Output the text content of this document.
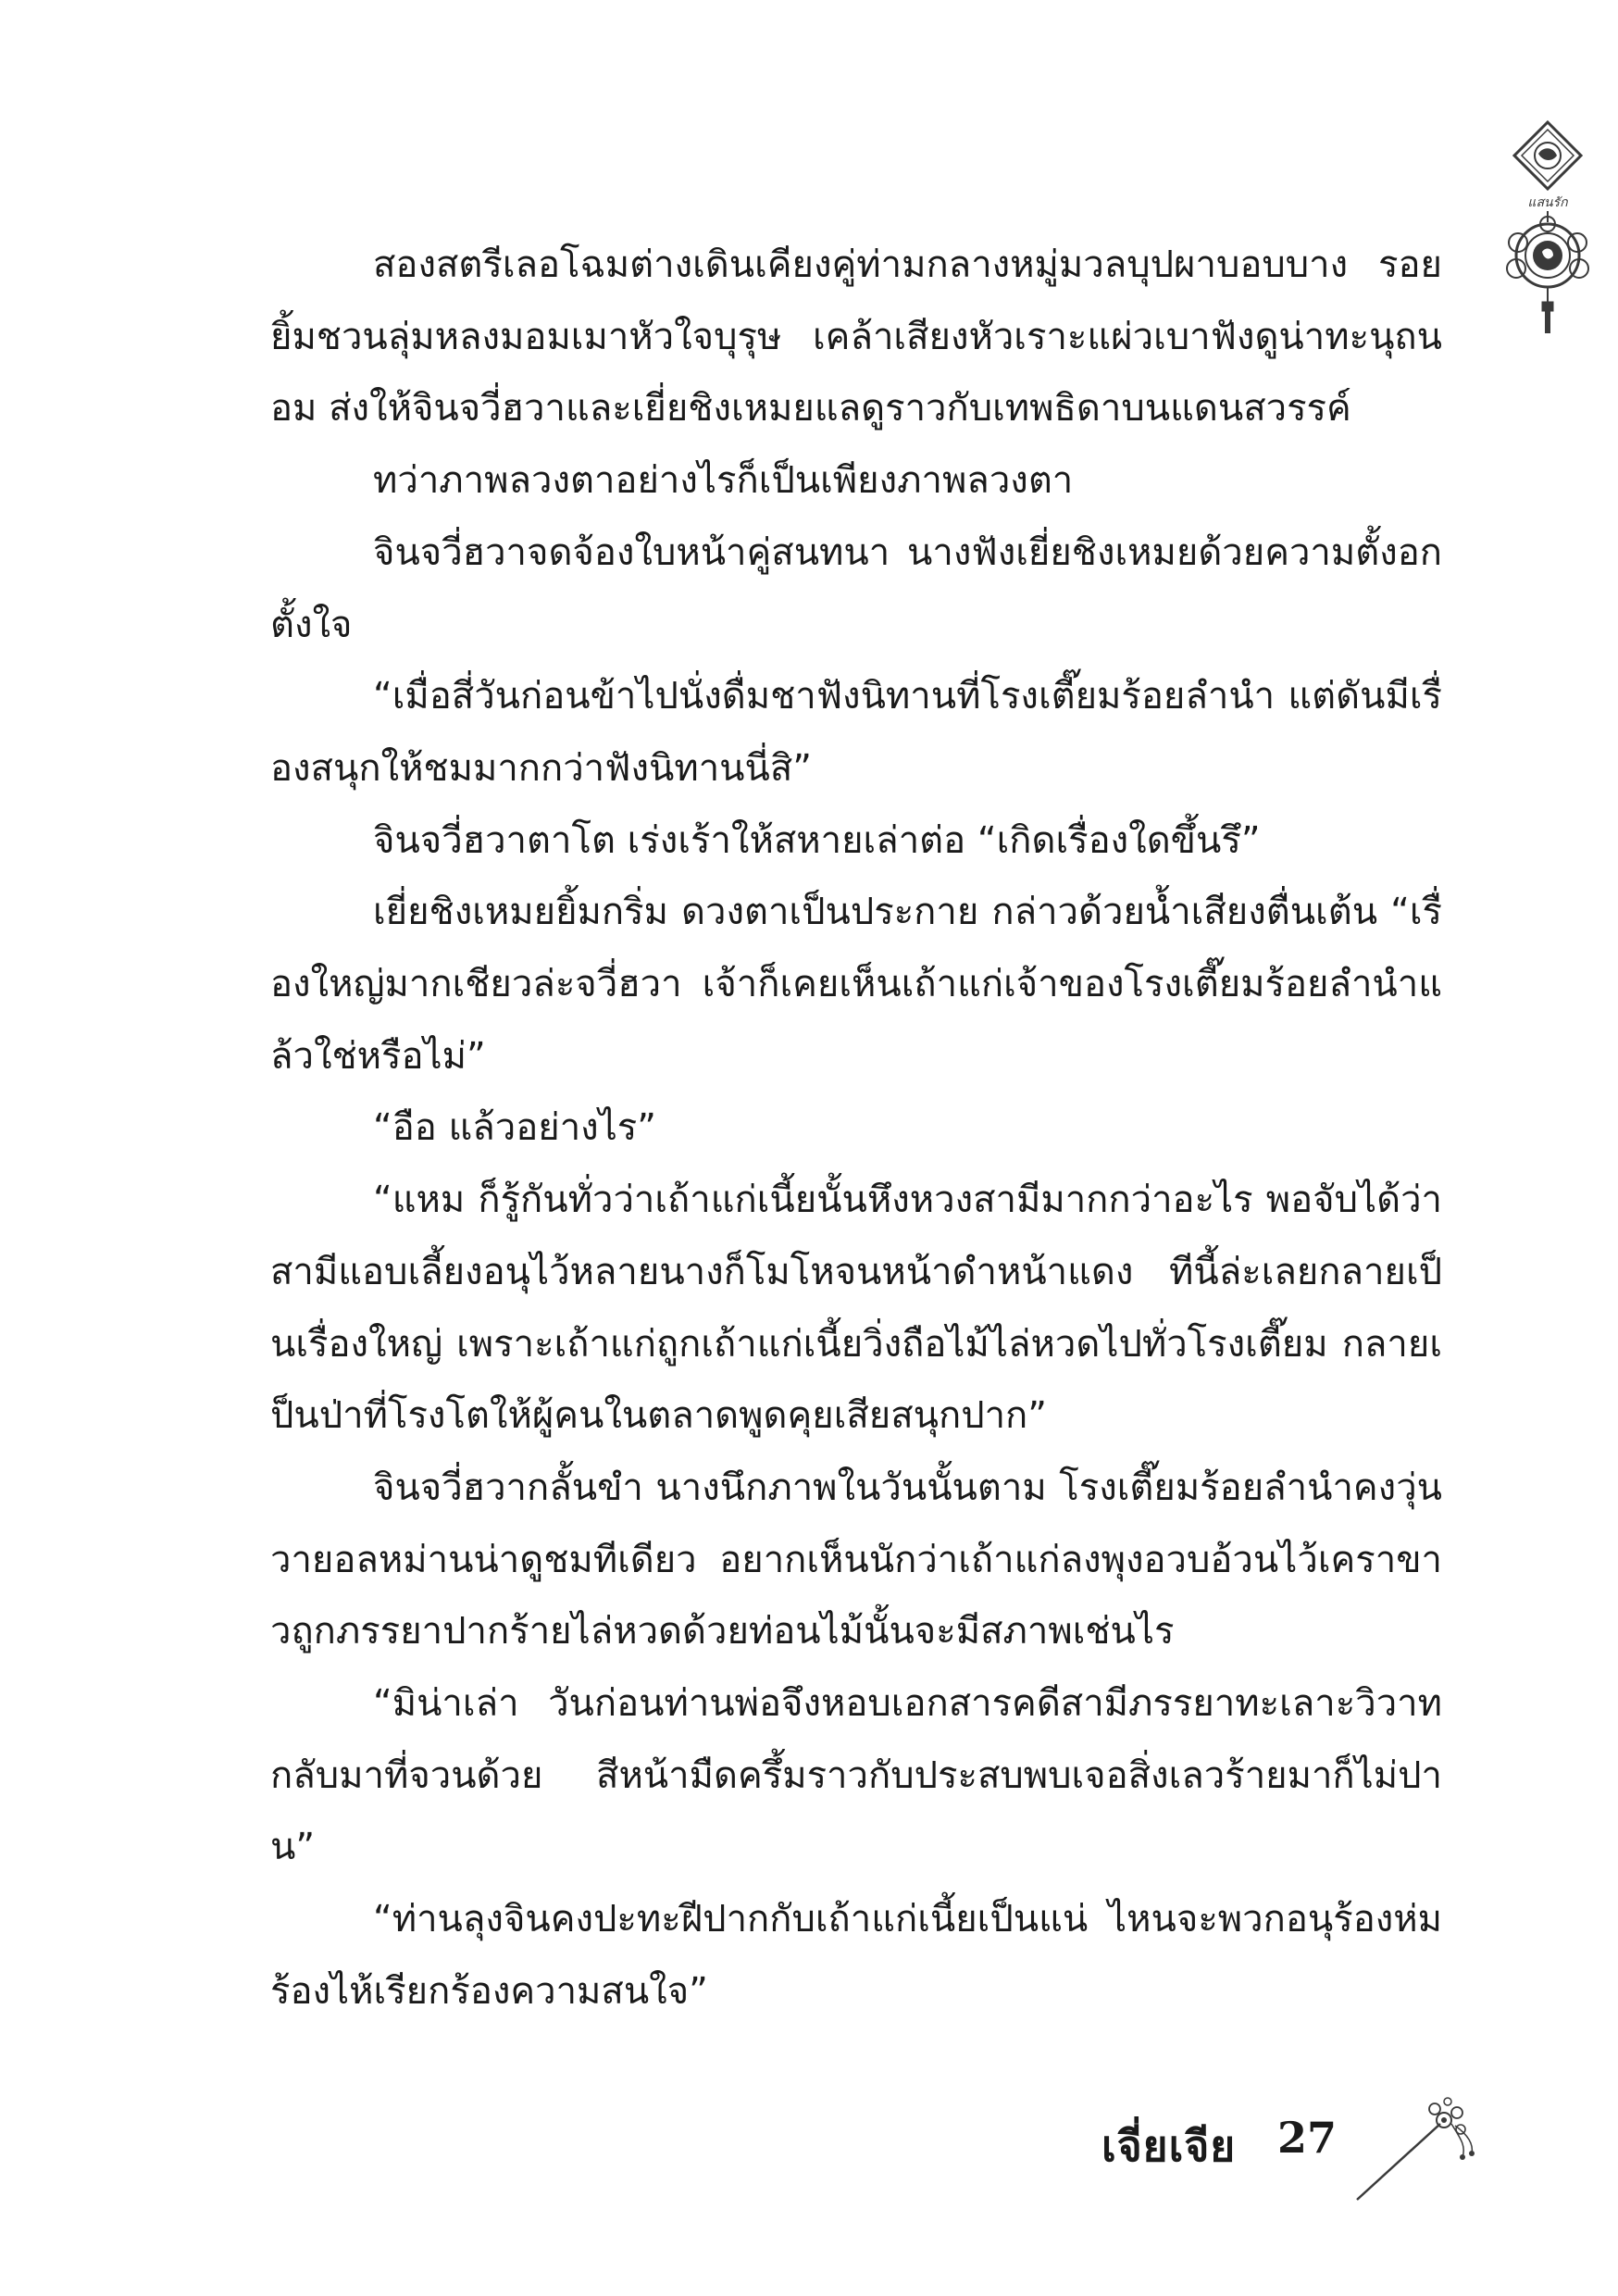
แสนรัก

สองสตรีเลอโฉมต่างเดินเคียงคู่ท่ามกลางหมู่มวลบุปผาบอบบาง รอยยิ้มชวนลุ่มหลงมอมเมาหัวใจบุรุษ เคล้าเสียงหัวเราะแผ่วเบาฟังดูน่าทะนุถนอม ส่งให้จินจวี่ฮวาและเยี่ยชิงเหมยแลดูราวกับเทพธิดาบนแดนสวรรค์

ทว่าภาพลวงตาอย่างไรก็เป็นเพียงภาพลวงตา

จินจวี่ฮวาจดจ้องใบหน้าคู่สนทนา นางฟังเยี่ยชิงเหมยด้วยความตั้งอกตั้งใจ

“เมื่อสี่วันก่อนข้าไปนั่งดื่มชาฟังนิทานที่โรงเตี๊ยมร้อยลำนำ แต่ดันมีเรื่องสนุกให้ชมมากกว่าฟังนิทานนี่สิ”

จินจวี่ฮวาตาโต เร่งเร้าให้สหายเล่าต่อ “เกิดเรื่องใดขึ้นรึ”

เยี่ยชิงเหมยยิ้มกริ่ม ดวงตาเป็นประกาย กล่าวด้วยน้ำเสียงตื่นเต้น “เรื่องใหญ่มากเชียวล่ะจวี่ฮวา เจ้าก็เคยเห็นเถ้าแก่เจ้าของโรงเตี๊ยมร้อยลำนำแล้วใช่หรือไม่”

“อือ แล้วอย่างไร”

“แหม ก็รู้กันทั่วว่าเถ้าแก่เนี้ยนั้นหึงหวงสามีมากกว่าอะไร พอจับได้ว่าสามีแอบเลี้ยงอนุไว้หลายนางก็โมโหจนหน้าดำหน้าแดง ทีนี้ล่ะเลยกลายเป็นเรื่องใหญ่ เพราะเถ้าแก่ถูกเถ้าแก่เนี้ยวิ่งถือไม้ไล่หวดไปทั่วโรงเตี๊ยม กลายเป็นป่าที่โรงโตให้ผู้คนในตลาดพูดคุยเสียสนุกปาก”

จินจวี่ฮวากลั้นขำ นางนึกภาพในวันนั้นตาม โรงเตี๊ยมร้อยลำนำคงวุ่นวายอลหม่านน่าดูชมทีเดียว อยากเห็นนักว่าเถ้าแก่ลงพุงอวบอ้วนไว้เคราขาวถูกภรรยาปากร้ายไล่หวดด้วยท่อนไม้นั้นจะมีสภาพเช่นไร

“มิน่าเล่า วันก่อนท่านพ่อจึงหอบเอกสารคดีสามีภรรยาทะเลาะวิวาทกลับมาที่จวนด้วย สีหน้ามืดครึ้มราวกับประสบพบเจอสิ่งเลวร้ายมาก็ไม่ปาน”

“ท่านลุงจินคงปะทะฝีปากกับเถ้าแก่เนี้ยเป็นแน่ ไหนจะพวกอนุร้องห่มร้องไห้เรียกร้องความสนใจ”

เจี่ยเจีย 27
